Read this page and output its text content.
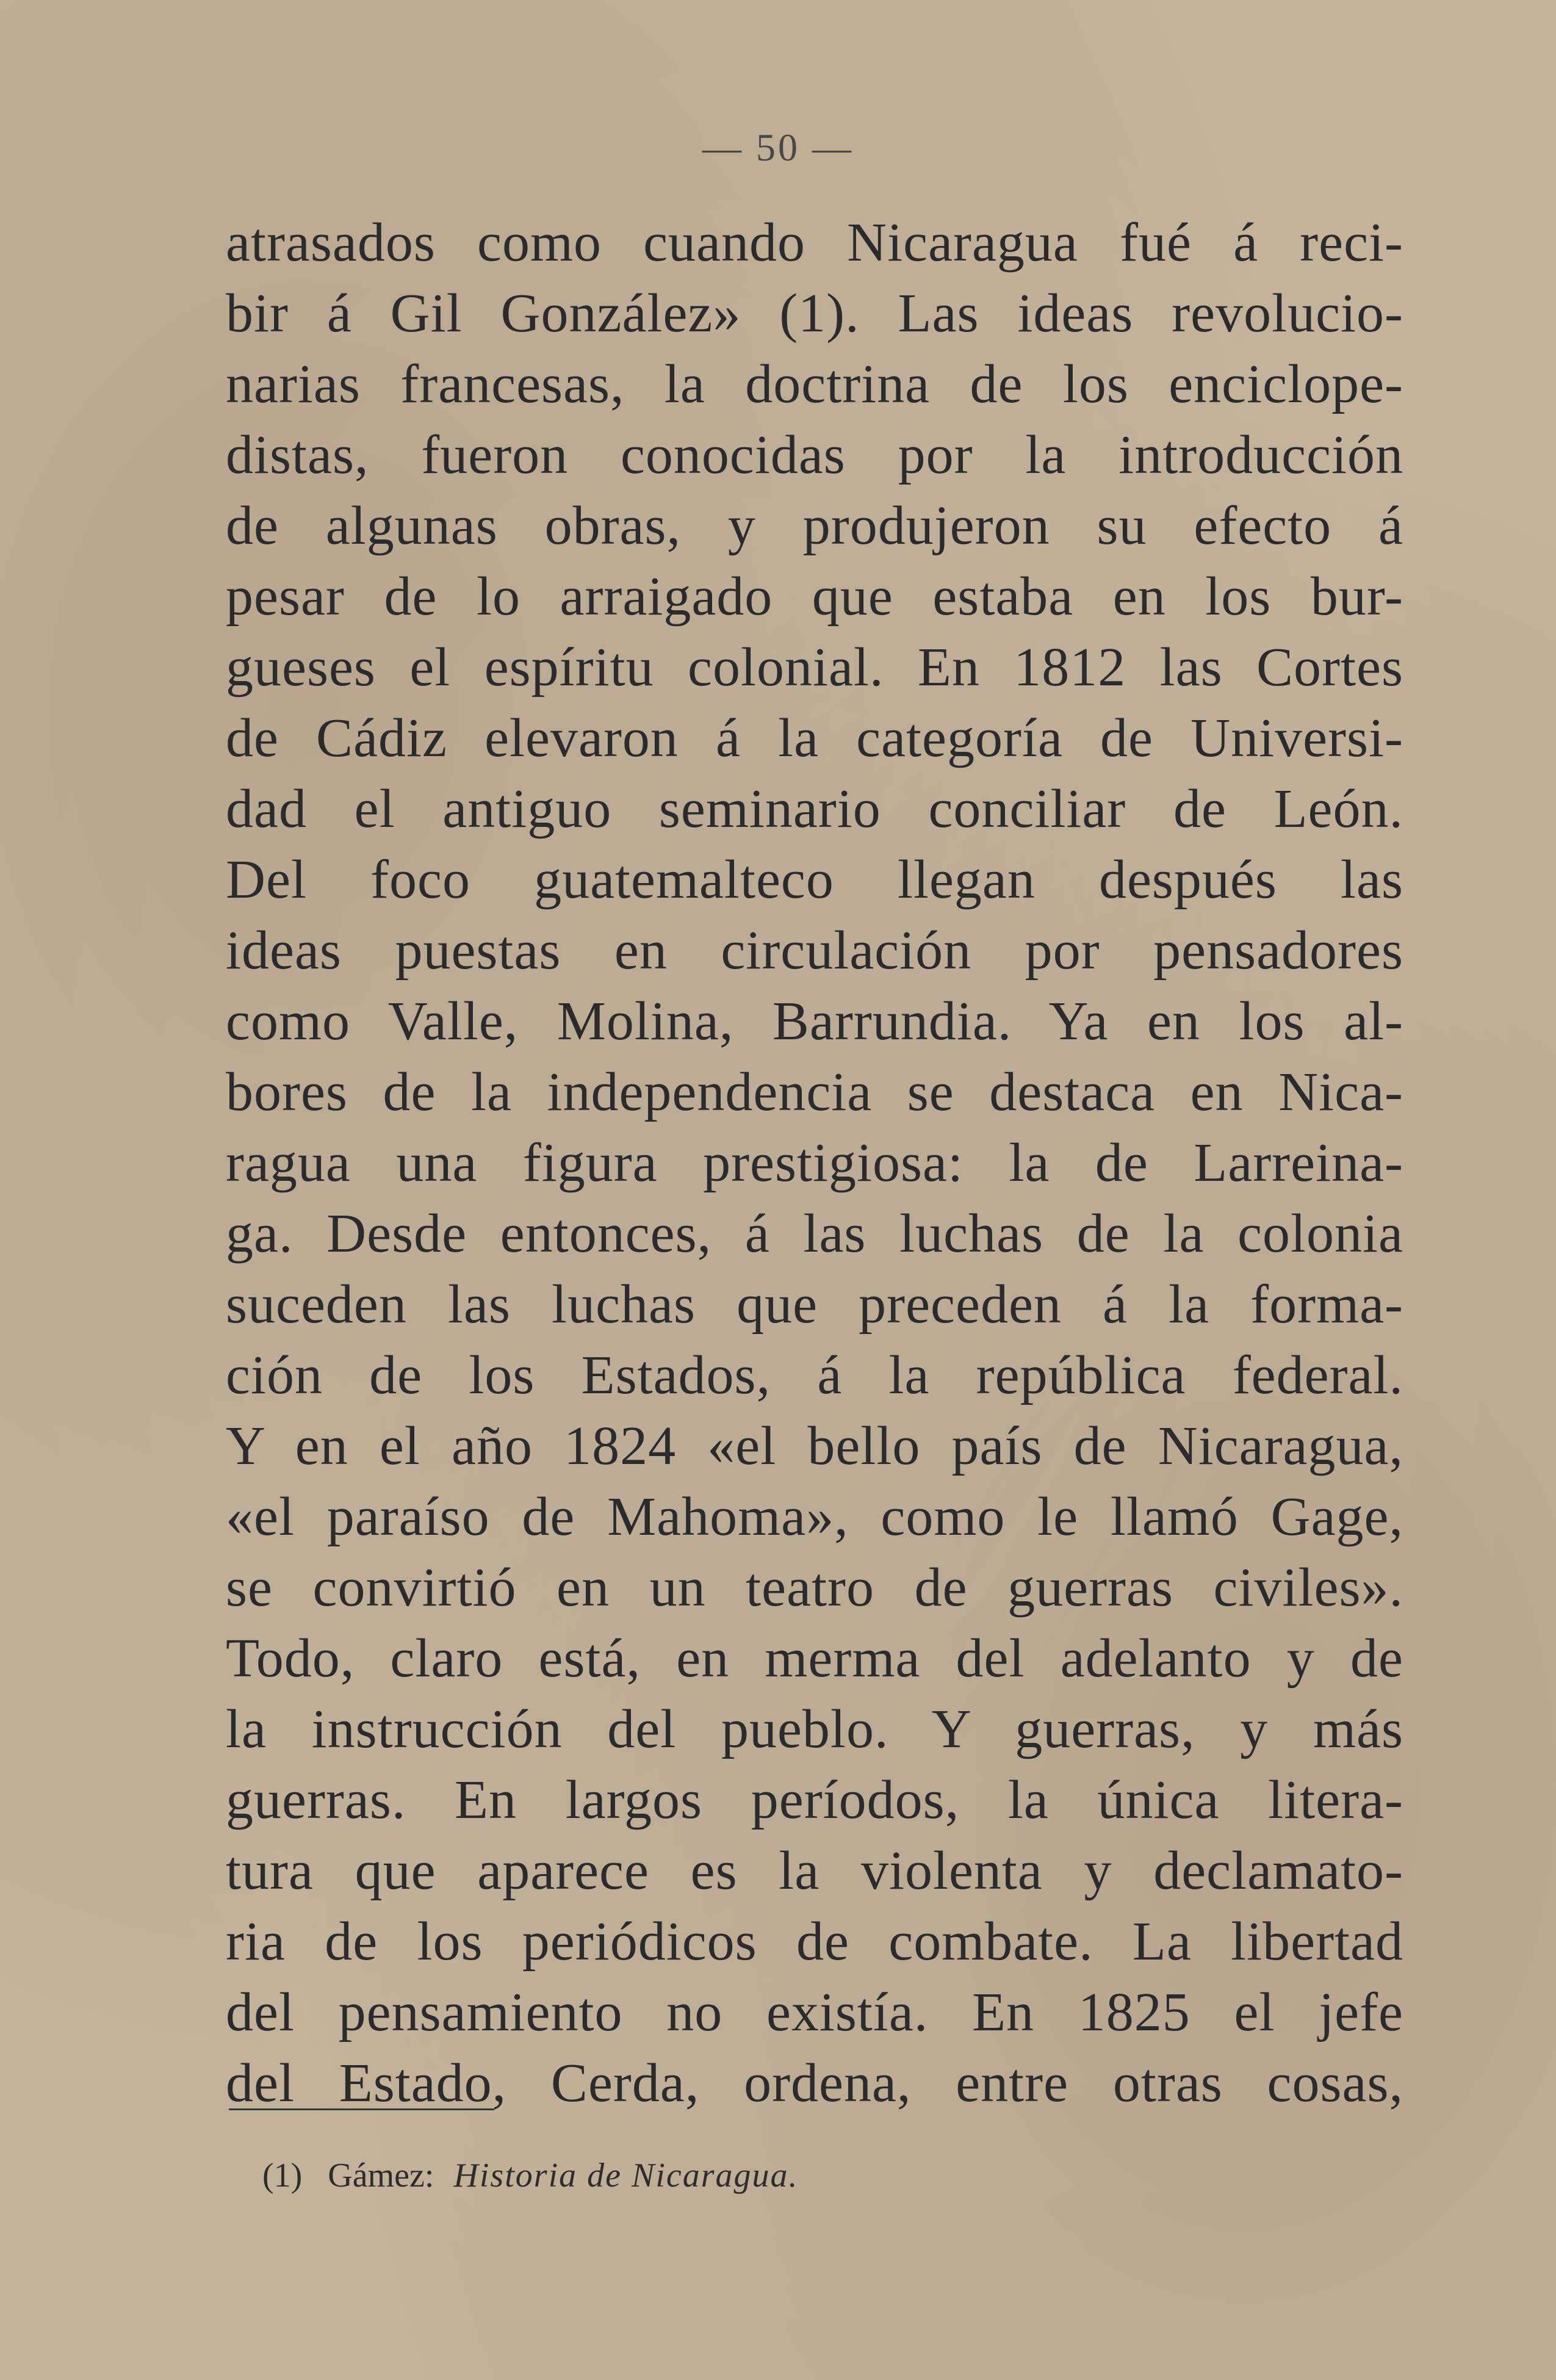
— 50 —
atrasados como cuando Nicaragua fué á reci-
bir á Gil González» (1). Las ideas revolucio-
narias francesas, la doctrina de los enciclope-
distas, fueron conocidas por la introducción
de algunas obras, y produjeron su efecto á
pesar de lo arraigado que estaba en los bur-
gueses el espíritu colonial. En 1812 las Cortes
de Cádiz elevaron á la categoría de Universi-
dad el antiguo seminario conciliar de León.
Del foco guatemalteco llegan después las
ideas puestas en circulación por pensadores
como Valle, Molina, Barrundia. Ya en los al-
bores de la independencia se destaca en Nica-
ragua una figura prestigiosa: la de Larreina-
ga. Desde entonces, á las luchas de la colonia
suceden las luchas que preceden á la forma-
ción de los Estados, á la república federal.
Y en el año 1824 «el bello país de Nicaragua,
«el paraíso de Mahoma», como le llamó Gage,
se convirtió en un teatro de guerras civiles».
Todo, claro está, en merma del adelanto y de
la instrucción del pueblo. Y guerras, y más
guerras. En largos períodos, la única litera-
tura que aparece es la violenta y declamato-
ria de los periódicos de combate. La libertad
del pensamiento no existía. En 1825 el jefe
del Estado, Cerda, ordena, entre otras cosas,
(1) Gámez: Historia de Nicaragua.
